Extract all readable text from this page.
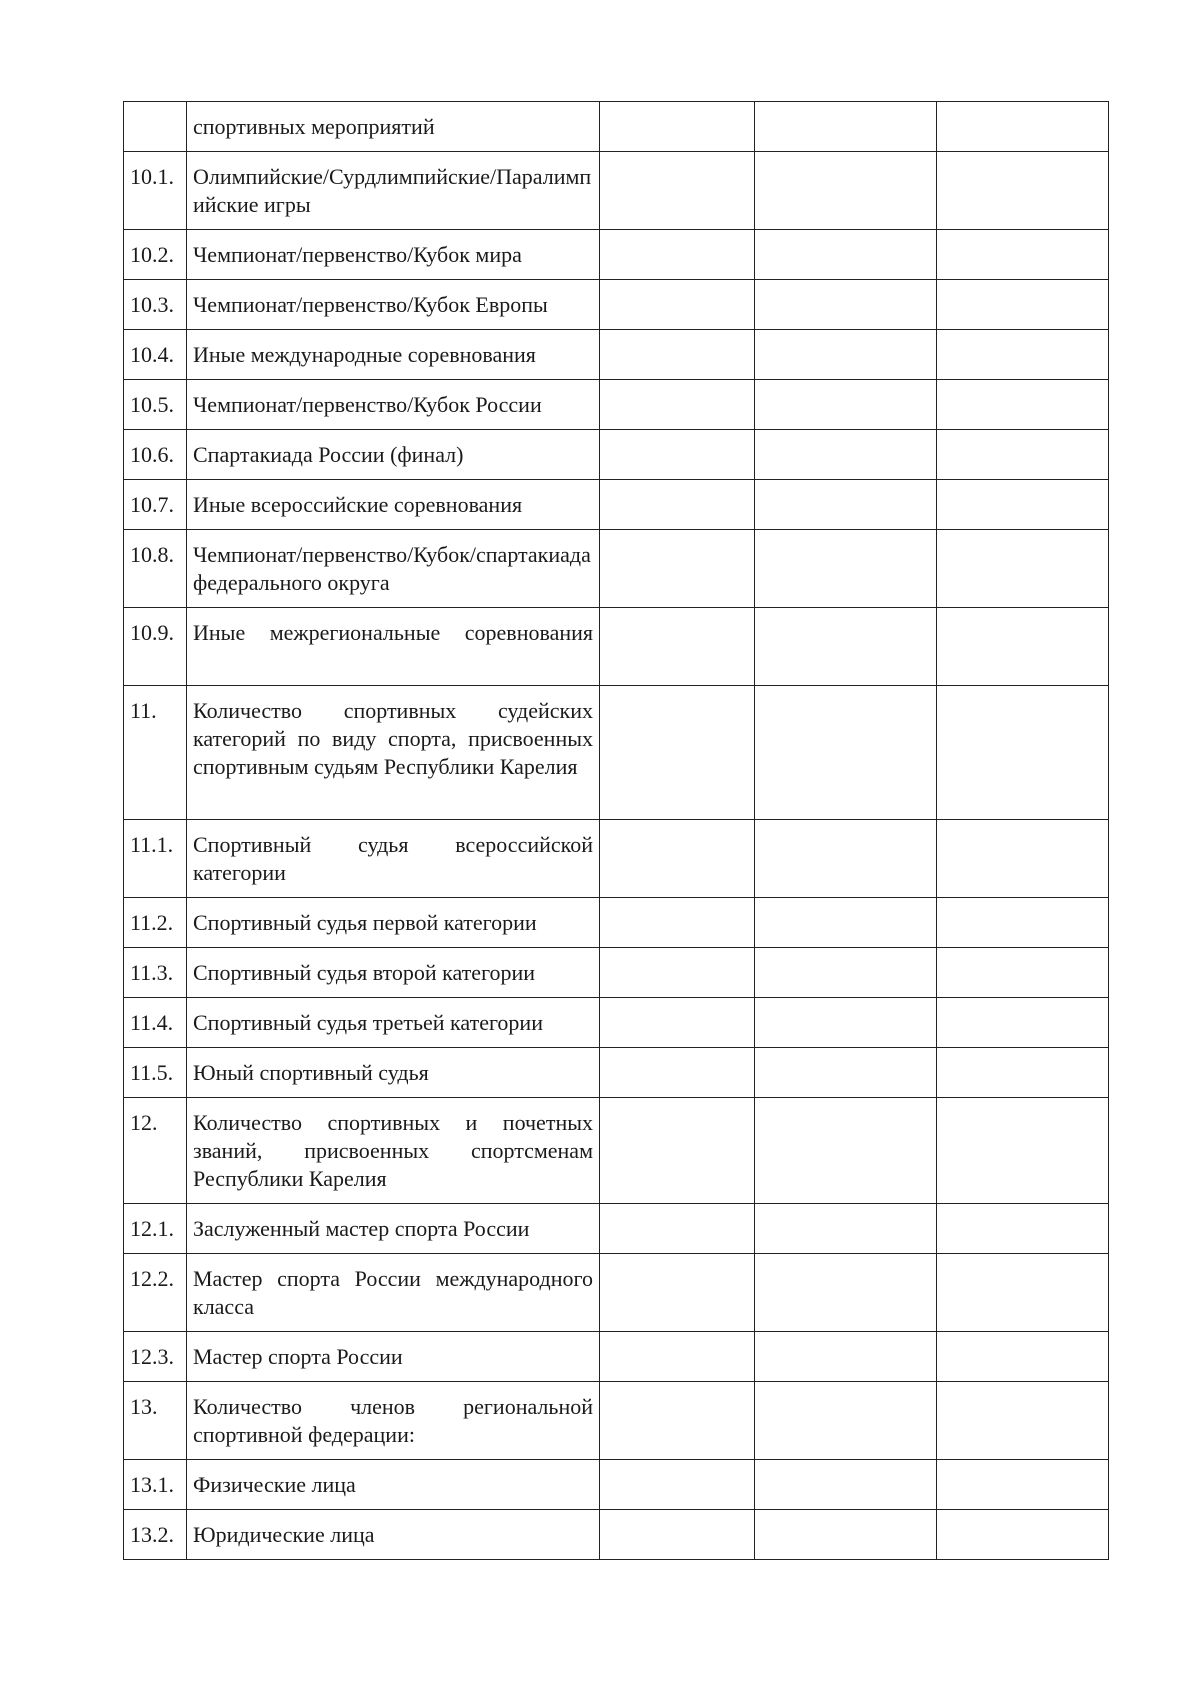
	спортивных мероприятий			
10.1.	Олимпийские/Сурдлимпийские/Паралимпийские игры			
10.2.	Чемпионат/первенство/Кубок мира			
10.3.	Чемпионат/первенство/Кубок Европы			
10.4.	Иные международные соревнования			
10.5.	Чемпионат/первенство/Кубок России			
10.6.	Спартакиада России (финал)			
10.7.	Иные всероссийские соревнования			
10.8.	Чемпионат/первенство/Кубок/спартакиада федерального округа			
10.9.	Иные межрегиональные соревнования			
11.	Количество спортивных судейских категорий по виду спорта, присвоенных спортивным судьям Республики Карелия			
11.1.	Спортивный судья всероссийской категории			
11.2.	Спортивный судья первой категории			
11.3.	Спортивный судья второй категории			
11.4.	Спортивный судья третьей категории			
11.5.	Юный спортивный судья			
12.	Количество спортивных и почетных званий, присвоенных спортсменам Республики Карелия			
12.1.	Заслуженный мастер спорта России			
12.2.	Мастер спорта России международного класса			
12.3.	Мастер спорта России			
13.	Количество членов региональной спортивной федерации:			
13.1.	Физические лица			
13.2.	Юридические лица			
